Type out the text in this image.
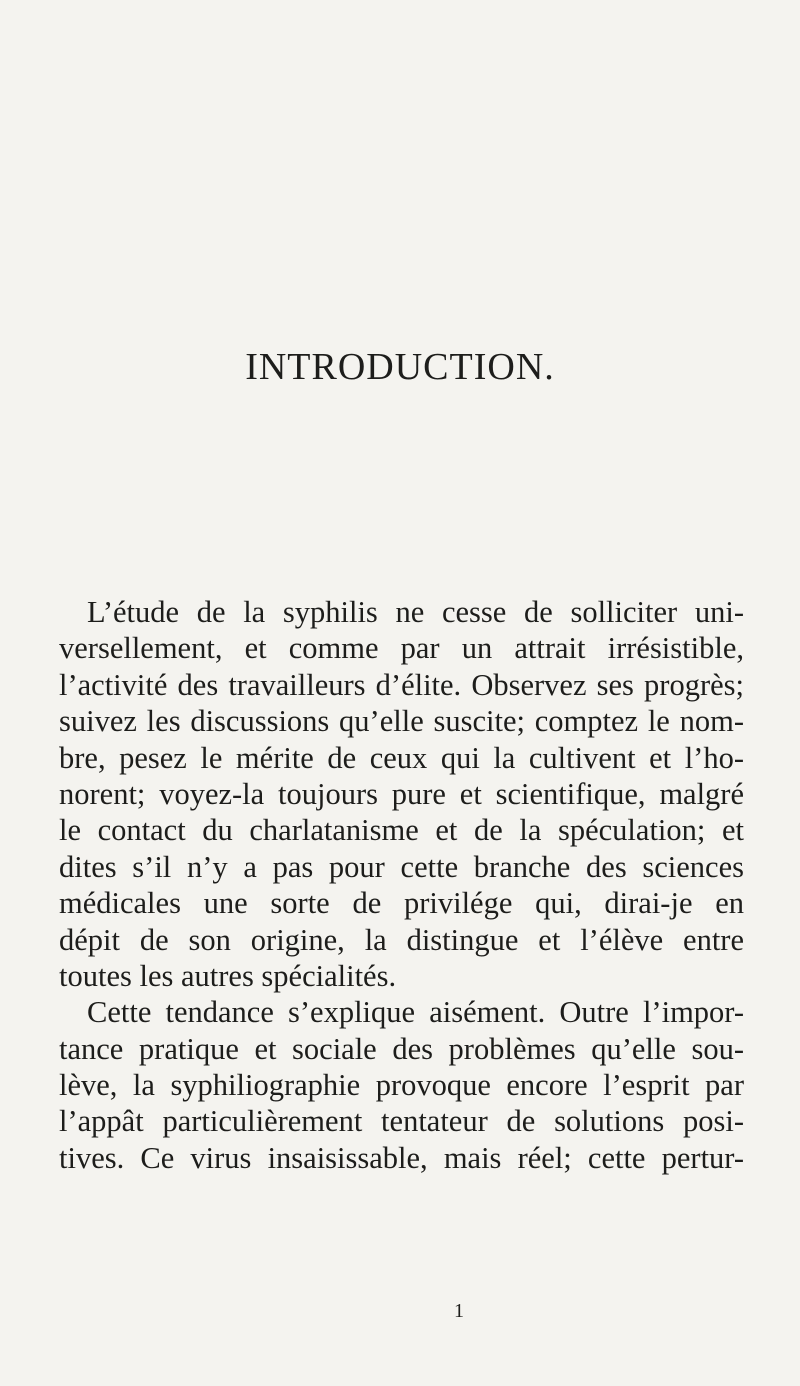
INTRODUCTION.
L’étude de la syphilis ne cesse de solliciter uni-
versellement, et comme par un attrait irrésistible,
l’activité des travailleurs d’élite. Observez ses progrès;
suivez les discussions qu’elle suscite; comptez le nom-
bre, pesez le mérite de ceux qui la cultivent et l’ho-
norent; voyez-la toujours pure et scientifique, malgré
le contact du charlatanisme et de la spéculation; et
dites s’il n’y a pas pour cette branche des sciences
médicales une sorte de privilége qui, dirai-je en
dépit de son origine, la distingue et l’élève entre
toutes les autres spécialités.
Cette tendance s’explique aisément. Outre l’impor-
tance pratique et sociale des problèmes qu’elle sou-
lève, la syphiliographie provoque encore l’esprit par
l’appât particulièrement tentateur de solutions posi-
tives. Ce virus insaisissable, mais réel; cette pertur-
1
